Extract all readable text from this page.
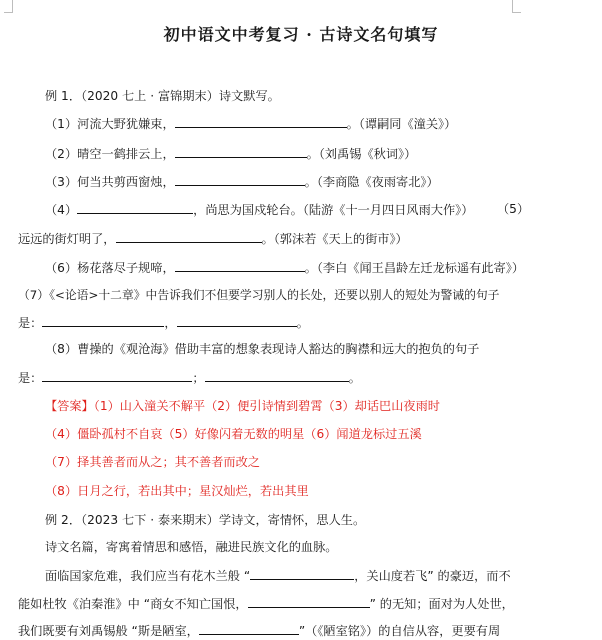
初中语文中考复习 · 古诗文名句填写
例 1．（2020 七上 · 富锦期末）诗文默写。
（1）河流大野犹嫌束，	。（谭嗣同《潼关》）
（2）晴空一鹤排云上，	。（刘禹锡《秋词》）
（3）何当共剪西窗烛，	。（李商隐《夜雨寄北》）
（4）	，尚思为国戍轮台。（陆游《十一月四日风雨大作》） （5）
远远的街灯明了，	。（郭沫若《天上的街市》）
（6）杨花落尽子规啼，	。（李白《闻王昌龄左迁龙标遥有此寄》）
（7）《<论语>十二章》中告诉我们不但要学习别人的长处，还要以别人的短处为警诫的句子
是：	，	。
（8）曹操的《观沧海》借助丰富的想象表现诗人豁达的胸襟和远大的抱负的句子
是：	；	。
【答案】（1）山入潼关不解平（2）便引诗情到碧霄（3）却话巴山夜雨时
（4）僵卧孤村不自哀（5）好像闪着无数的明星（6）闻道龙标过五溪
（7）择其善者而从之；其不善者而改之
（8）日月之行，若出其中；星汉灿烂，若出其里
例 2．（2023 七下 · 泰来期末）学诗文，寄情怀，思人生。
诗文名篇，寄寓着情思和感悟，融进民族文化的血脉。
面临国家危难，我们应当有花木兰般 “	，关山度若飞” 的豪迈，而不
能如杜牧《泊秦淮》中 “商女不知亡国恨，	” 的无知；面对为人处世，
我们既要有刘禹锡般 “斯是陋室，	”（《陋室铭》）的自信从容，更要有周
